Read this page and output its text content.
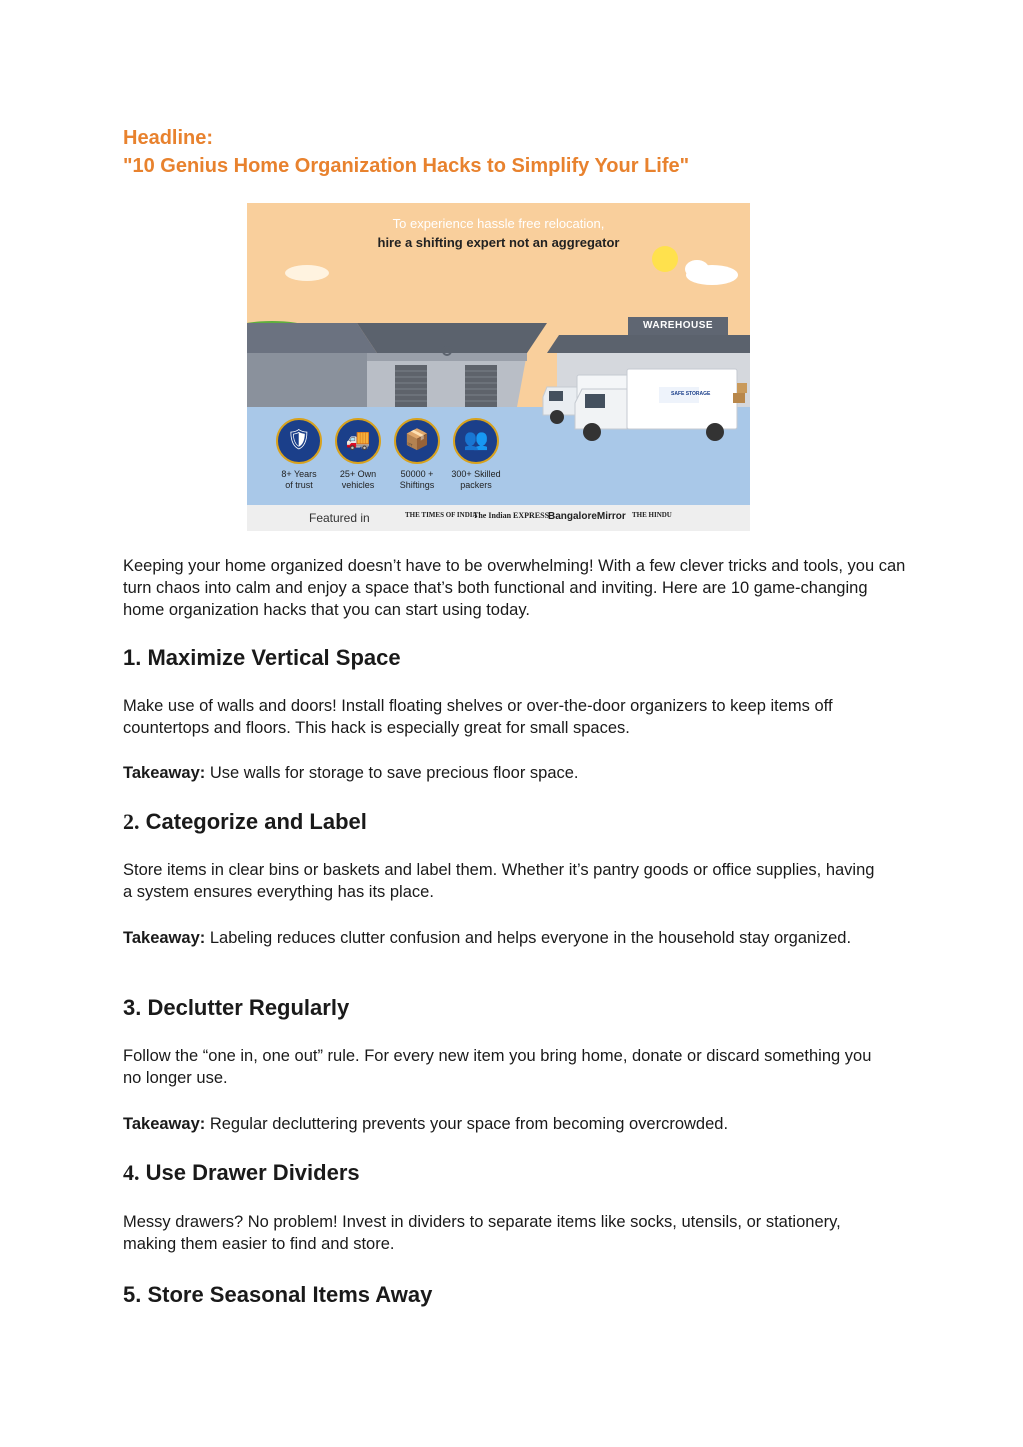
Headline:
"10 Genius Home Organization Hacks to Simplify Your Life"
To experience hassle free relocation,
hire a shifting expert not an aggregator
WAREHOUSE
SAFE STORAGE
🛡
8+ Years
of trust
🚚
25+ Own
vehicles
📦
50000 +
Shiftings
👥
300+ Skilled
packers
Featured in	THE TIMES OF INDIA
The Indian EXPRESS
BangaloreMirror THE HINDU

Keeping your home organized doesn’t have to be overwhelming! With a few clever tricks and tools, you can turn chaos into calm and enjoy a space that’s both functional and inviting. Here are 10 game-changing home organization hacks that you can start using today.

1. Maximize Vertical Space

Make use of walls and doors! Install floating shelves or over-the-door organizers to keep items off countertops and floors. This hack is especially great for small spaces.

Takeaway: Use walls for storage to save precious floor space.

2. Categorize and Label

Store items in clear bins or baskets and label them. Whether it’s pantry goods or office supplies, having a system ensures everything has its place.

Takeaway: Labeling reduces clutter confusion and helps everyone in the household stay organized.

3. Declutter Regularly

Follow the “one in, one out” rule. For every new item you bring home, donate or discard something you no longer use.

Takeaway: Regular decluttering prevents your space from becoming overcrowded.

4. Use Drawer Dividers

Messy drawers? No problem! Invest in dividers to separate items like socks, utensils, or stationery, making them easier to find and store.

5. Store Seasonal Items Away
